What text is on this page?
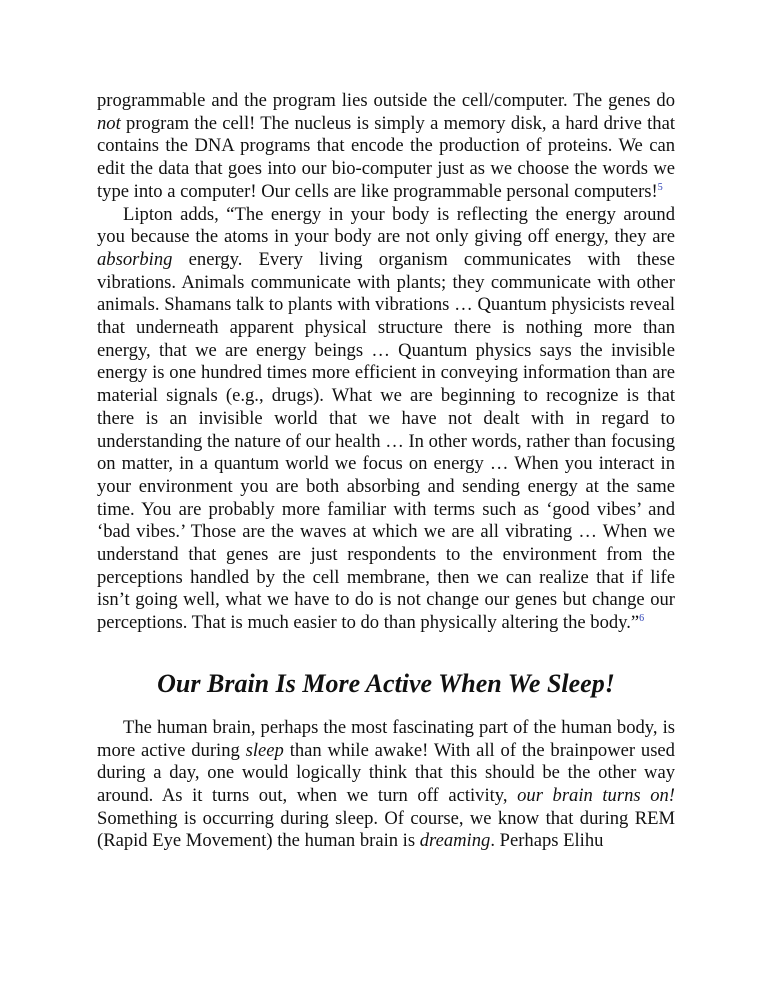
programmable and the program lies outside the cell/computer. The genes do not program the cell! The nucleus is simply a memory disk, a hard drive that contains the DNA programs that encode the production of proteins. We can edit the data that goes into our bio-computer just as we choose the words we type into a computer! Our cells are like programmable personal computers!$^5$

Lipton adds, “The energy in your body is reflecting the energy around you because the atoms in your body are not only giving off energy, they are absorbing energy. Every living organism communicates with these vibrations. Animals communicate with plants; they communicate with other animals. Shamans talk to plants with vibrations … Quantum physicists reveal that underneath apparent physical structure there is nothing more than energy, that we are energy beings … Quantum physics says the invisible energy is one hundred times more efficient in conveying information than are material signals (e.g., drugs). What we are beginning to recognize is that there is an invisible world that we have not dealt with in regard to understanding the nature of our health … In other words, rather than focusing on matter, in a quantum world we focus on energy … When you interact in your environment you are both absorbing and sending energy at the same time. You are probably more familiar with terms such as ‘good vibes’ and ‘bad vibes.’ Those are the waves at which we are all vibrating … When we understand that genes are just respondents to the environment from the perceptions handled by the cell membrane, then we can realize that if life isn’t going well, what we have to do is not change our genes but change our perceptions. That is much easier to do than physically altering the body.”$^6$

Our Brain Is More Active When We Sleep!

The human brain, perhaps the most fascinating part of the human body, is more active during sleep than while awake! With all of the brainpower used during a day, one would logically think that this should be the other way around. As it turns out, when we turn off activity, our brain turns on! Something is occurring during sleep. Of course, we know that during REM (Rapid Eye Movement) the human brain is dreaming. Perhaps Elihu
